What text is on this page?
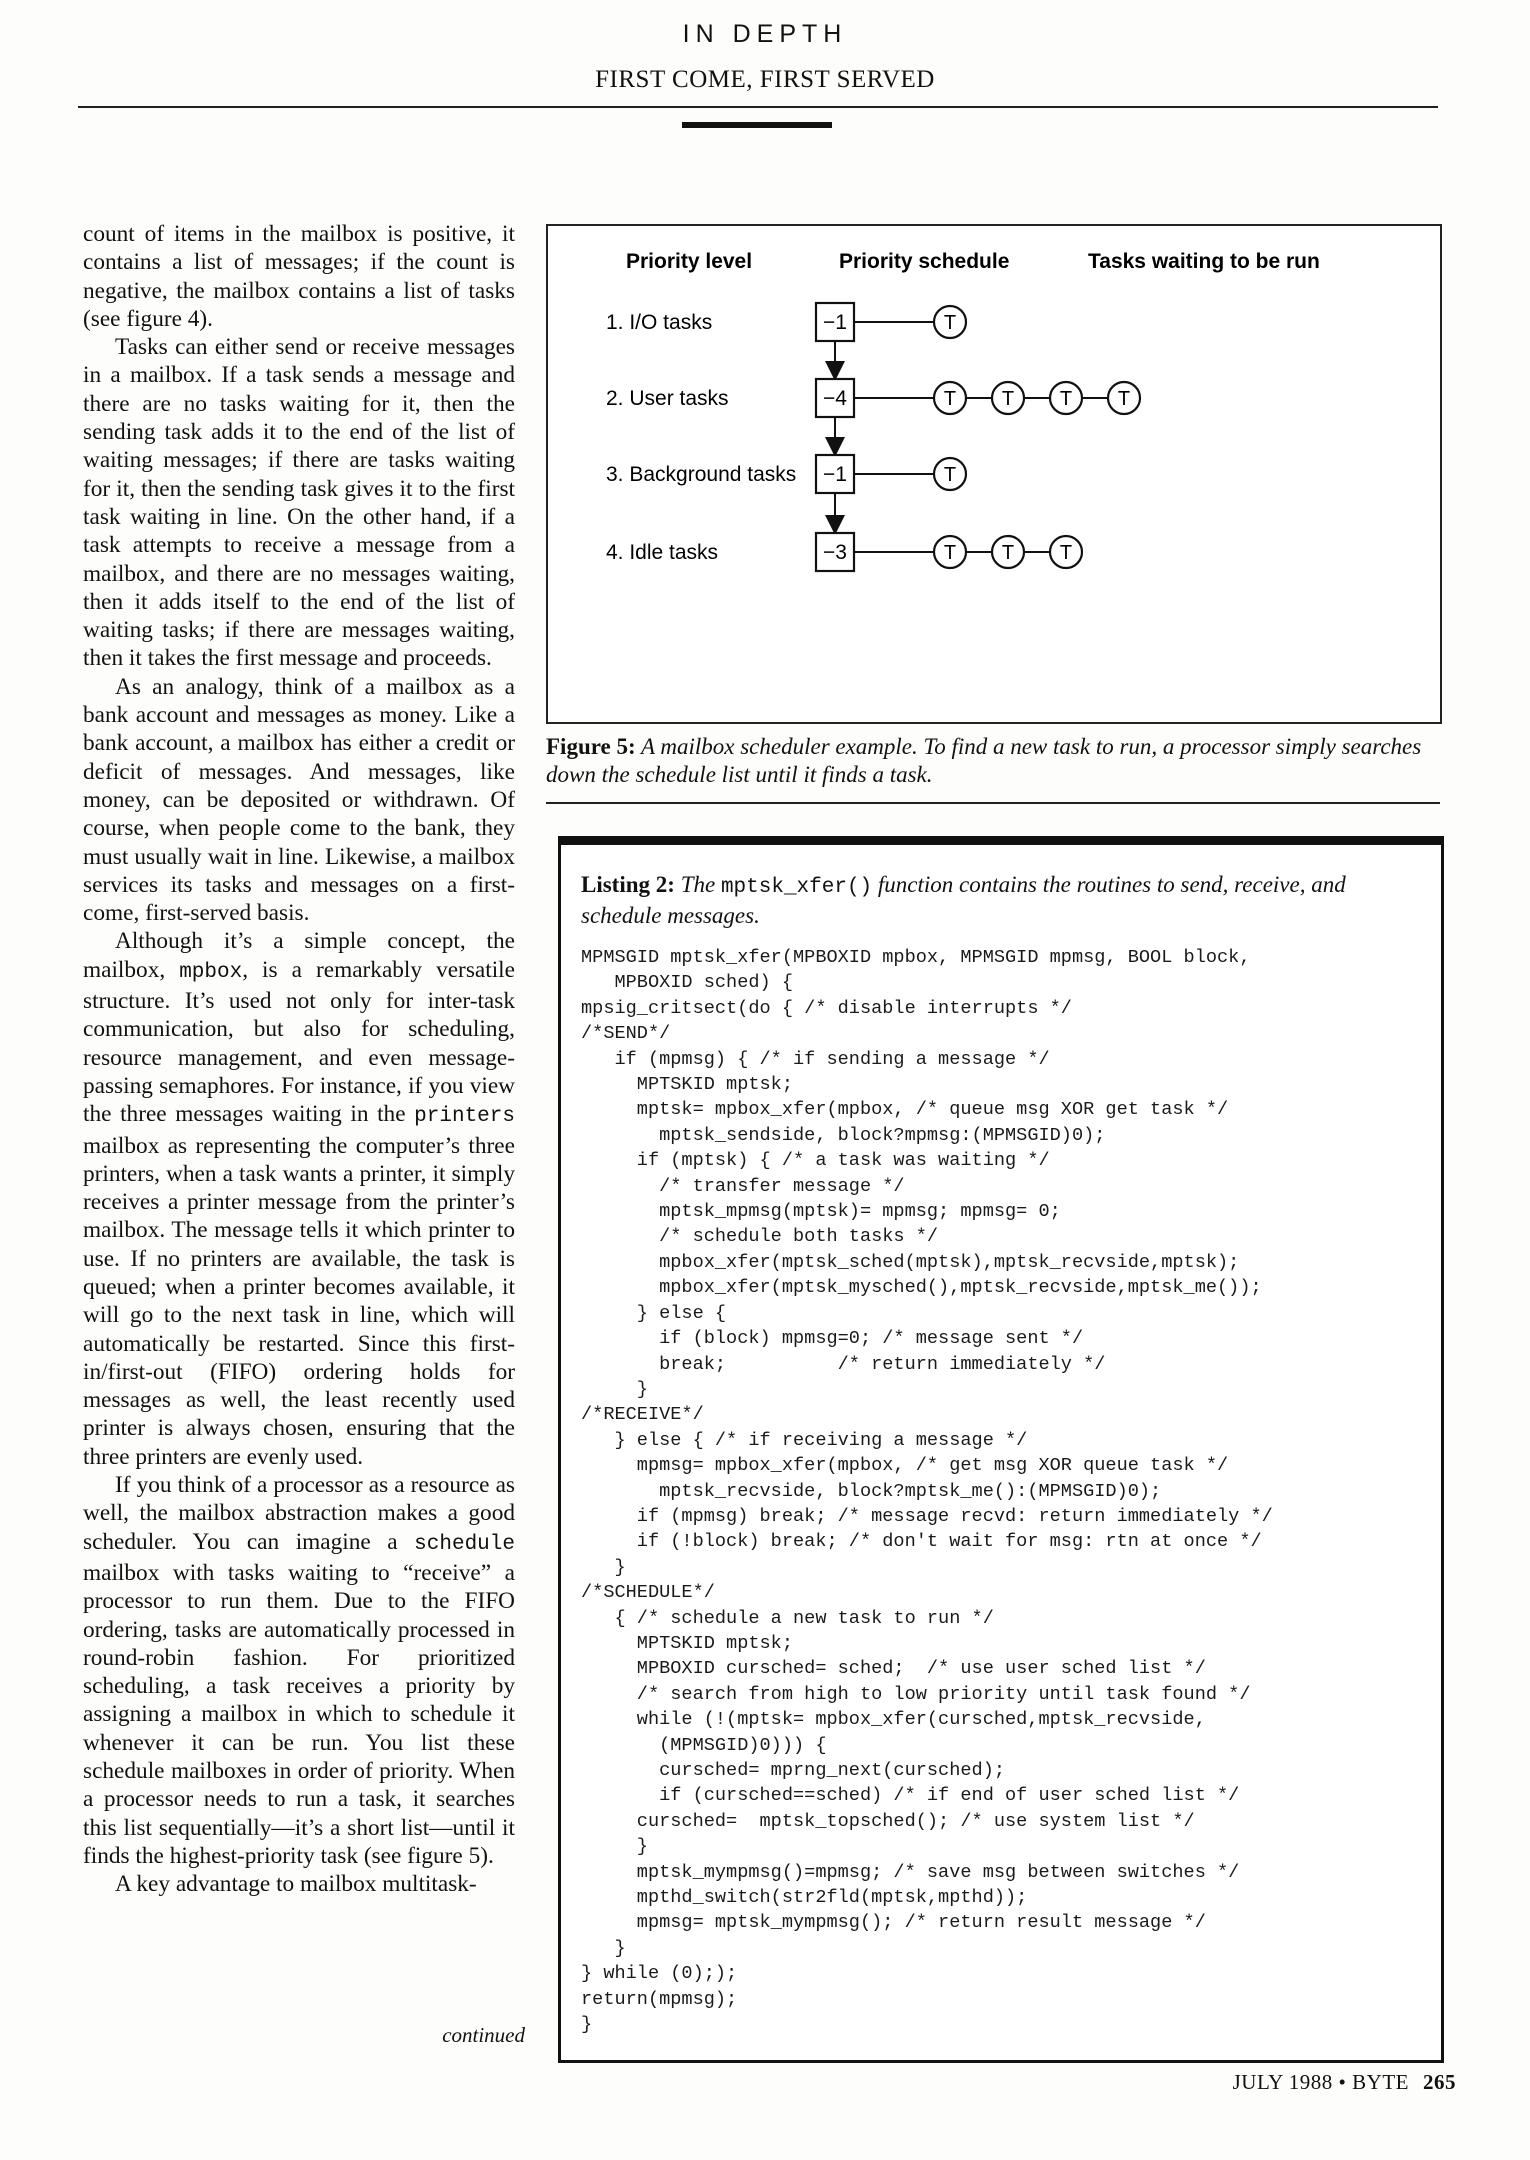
IN DEPTH
FIRST COME, FIRST SERVED

count of items in the mailbox is positive, it contains a list of messages; if the count is negative, the mailbox contains a list of tasks (see figure 4).

Tasks can either send or receive messages in a mailbox. If a task sends a message and there are no tasks waiting for it, then the sending task adds it to the end of the list of waiting messages; if there are tasks waiting for it, then the sending task gives it to the first task waiting in line. On the other hand, if a task attempts to receive a message from a mailbox, and there are no messages waiting, then it adds itself to the end of the list of waiting tasks; if there are messages waiting, then it takes the first message and proceeds.

As an analogy, think of a mailbox as a bank account and messages as money. Like a bank account, a mailbox has either a credit or deficit of messages. And messages, like money, can be deposited or withdrawn. Of course, when people come to the bank, they must usually wait in line. Likewise, a mailbox services its tasks and messages on a first-come, first-served basis.

Although it’s a simple concept, the mailbox, mpbox, is a remarkably versatile structure. It’s used not only for inter-task communication, but also for scheduling, resource management, and even message-passing semaphores. For instance, if you view the three messages waiting in the printers mailbox as representing the computer’s three printers, when a task wants a printer, it simply receives a printer message from the printer’s mailbox. The message tells it which printer to use. If no printers are available, the task is queued; when a printer becomes available, it will go to the next task in line, which will automatically be restarted. Since this first-in/first-out (FIFO) ordering holds for messages as well, the least recently used printer is always chosen, ensuring that the three printers are evenly used.

If you think of a processor as a resource as well, the mailbox abstraction makes a good scheduler. You can imagine a schedule mailbox with tasks waiting to “receive” a processor to run them. Due to the FIFO ordering, tasks are automatically processed in round-robin fashion. For prioritized scheduling, a task receives a priority by assigning a mailbox in which to schedule it whenever it can be run. You list these schedule mailboxes in order of priority. When a processor needs to run a task, it searches this list sequentially—it’s a short list—until it finds the highest-priority task (see figure 5).

A key advantage to mailbox multitask-

continued
Priority level	Priority schedule	Tasks waiting to be run
1. I/O tasks	−1	T
2. User tasks	−4	T T T T
3. Background tasks −1	T
4. Idle tasks	−3	T T T
Figure 5: A mailbox scheduler example. To find a new task to run, a processor simply searches down the schedule list until it finds a task.
Listing 2: The mptsk_xfer() function contains the routines to send, receive, and schedule messages.
MPMSGID mptsk_xfer(MPBOXID mpbox, MPMSGID mpmsg, BOOL block,
MPBOXID sched) {
mpsig_critsect(do { /* disable interrupts */
/*SEND*/
if (mpmsg) { /* if sending a message */
MPTSKID mptsk;
mptsk= mpbox_xfer(mpbox, /* queue msg XOR get task */
mptsk_sendside, block?mpmsg:(MPMSGID)0);
if (mptsk) { /* a task was waiting */
/* transfer message */
mptsk_mpmsg(mptsk)= mpmsg; mpmsg= 0;
/* schedule both tasks */
mpbox_xfer(mptsk_sched(mptsk),mptsk_recvside,mptsk);
mpbox_xfer(mptsk_mysched(),mptsk_recvside,mptsk_me());
} else {
if (block) mpmsg=0; /* message sent */
break;          /* return immediately */
}
/*RECEIVE*/
} else { /* if receiving a message */
mpmsg= mpbox_xfer(mpbox, /* get msg XOR queue task */
mptsk_recvside, block?mptsk_me():(MPMSGID)0);
if (mpmsg) break; /* message recvd: return immediately */
if (!block) break; /* don't wait for msg: rtn at once */
}
/*SCHEDULE*/
{ /* schedule a new task to run */
MPTSKID mptsk;
MPBOXID cursched= sched;  /* use user sched list */
/* search from high to low priority until task found */
while (!(mptsk= mpbox_xfer(cursched,mptsk_recvside,
(MPMSGID)0))) {
cursched= mprng_next(cursched);
if (cursched==sched) /* if end of user sched list */
cursched=  mptsk_topsched(); /* use system list */
}
mptsk_mympmsg()=mpmsg; /* save msg between switches */
mpthd_switch(str2fld(mptsk,mpthd));
mpmsg= mptsk_mympmsg(); /* return result message */
}
} while (0););
return(mpmsg);
}
JULY 1988 • BYTE 265
